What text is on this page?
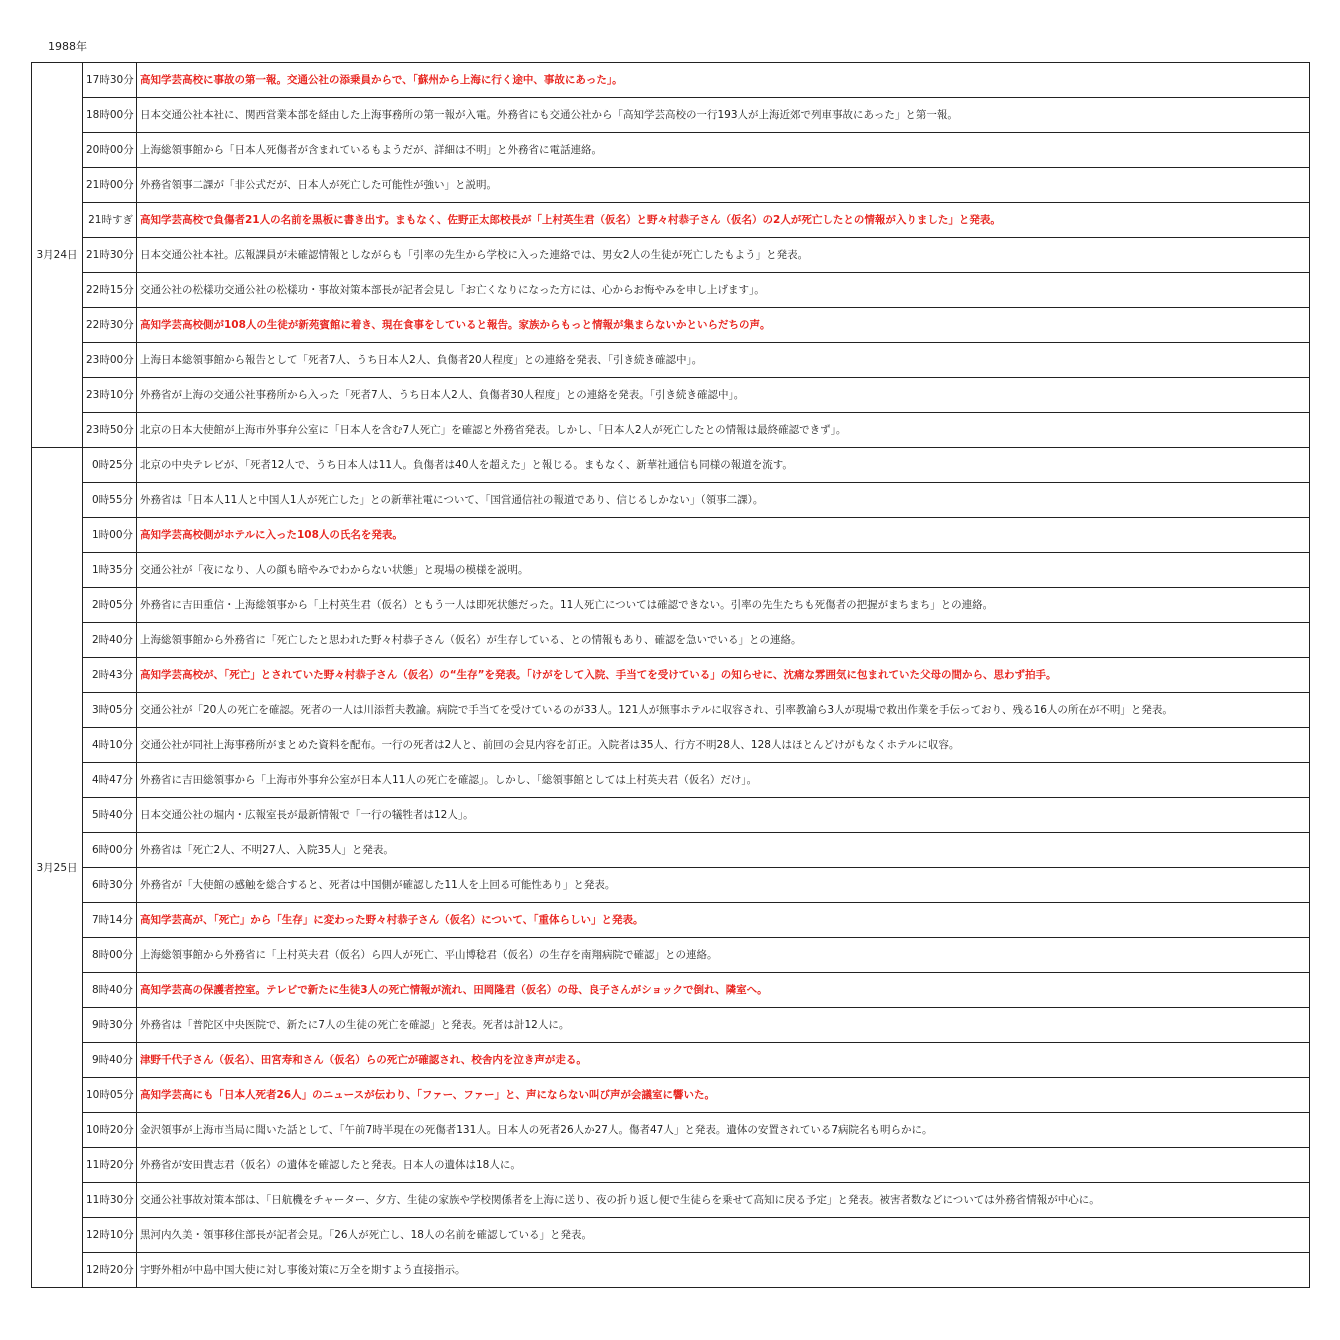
1988年
3月24日	17時30分	高知学芸高校に事故の第一報。交通公社の添乗員からで、「蘇州から上海に行く途中、事故にあった」。
	18時00分	日本交通公社本社に、関西営業本部を経由した上海事務所の第一報が入電。外務省にも交通公社から「高知学芸高校の一行193人が上海近郊で列車事故にあった」と第一報。
	20時00分	上海総領事館から「日本人死傷者が含まれているもようだが、詳細は不明」と外務省に電話連絡。
	21時00分	外務省領事二課が「非公式だが、日本人が死亡した可能性が強い」と説明。
	21時すぎ	高知学芸高校で負傷者21人の名前を黒板に書き出す。まもなく、佐野正太郎校長が「上村英生君（仮名）と野々村恭子さん（仮名）の2人が死亡したとの情報が入りました」と発表。
	21時30分	日本交通公社本社。広報課員が未確認情報としながらも「引率の先生から学校に入った連絡では、男女2人の生徒が死亡したもよう」と発表。
	22時15分	交通公社の松樣功交通公社の松樣功・事故対策本部長が記者会見し「お亡くなりになった方には、心からお悔やみを申し上げます」。
	22時30分	高知学芸高校側が108人の生徒が新苑賓館に着き、現在食事をしていると報告。家族からもっと情報が集まらないかといらだちの声。
	23時00分	上海日本総領事館から報告として「死者7人、うち日本人2人、負傷者20人程度」との連絡を発表、「引き続き確認中」。
	23時10分	外務省が上海の交通公社事務所から入った「死者7人、うち日本人2人、負傷者30人程度」との連絡を発表。「引き続き確認中」。
	23時50分	北京の日本大使館が上海市外事弁公室に「日本人を含む7人死亡」を確認と外務省発表。しかし、「日本人2人が死亡したとの情報は最終確認できず」。
3月25日	0時25分	北京の中央テレビが、「死者12人で、うち日本人は11人。負傷者は40人を超えた」と報じる。まもなく、新華社通信も同様の報道を流す。
	0時55分	外務省は「日本人11人と中国人1人が死亡した」との新華社電について、「国営通信社の報道であり、信じるしかない」（領事二課）。
	1時00分	高知学芸高校側がホテルに入った108人の氏名を発表。
	1時35分	交通公社が「夜になり、人の顔も暗やみでわからない状態」と現場の模様を説明。
	2時05分	外務省に吉田重信・上海総領事から「上村英生君（仮名）ともう一人は即死状態だった。11人死亡については確認できない。引率の先生たちも死傷者の把握がまちまち」との連絡。
	2時40分	上海総領事館から外務省に「死亡したと思われた野々村恭子さん（仮名）が生存している、との情報もあり、確認を急いでいる」との連絡。
	2時43分	高知学芸高校が、「死亡」とされていた野々村恭子さん（仮名）の“生存”を発表。「けがをして入院、手当てを受けている」の知らせに、沈痛な雰囲気に包まれていた父母の間から、思わず拍手。
	3時05分	交通公社が「20人の死亡を確認。死者の一人は川添哲夫教諭。病院で手当てを受けているのが33人。121人が無事ホテルに収容され、引率教諭ら3人が現場で救出作業を手伝っており、残る16人の所在が不明」と発表。
	4時10分	交通公社が同社上海事務所がまとめた資料を配布。一行の死者は2人と、前回の会見内容を訂正。入院者は35人、行方不明28人、128人はほとんどけがもなくホテルに収容。
	4時47分	外務省に吉田総領事から「上海市外事弁公室が日本人11人の死亡を確認」。しかし、「総領事館としては上村英夫君（仮名）だけ」。
	5時40分	日本交通公社の堀内・広報室長が最新情報で「一行の犠牲者は12人」。
	6時00分	外務省は「死亡2人、不明27人、入院35人」と発表。
	6時30分	外務省が「大使館の感触を総合すると、死者は中国側が確認した11人を上回る可能性あり」と発表。
	7時14分	高知学芸高が、「死亡」から「生存」に変わった野々村恭子さん（仮名）について、「重体らしい」と発表。
	8時00分	上海総領事館から外務省に「上村英夫君（仮名）ら四人が死亡、平山博稔君（仮名）の生存を南翔病院で確認」との連絡。
	8時40分	高知学芸高の保護者控室。テレビで新たに生徒3人の死亡情報が流れ、田岡隆君（仮名）の母、良子さんがショックで倒れ、隣室へ。
	9時30分	外務省は「普陀区中央医院で、新たに7人の生徒の死亡を確認」と発表。死者は計12人に。
	9時40分	津野千代子さん（仮名）、田宮寿和さん（仮名）らの死亡が確認され、校舎内を泣き声が走る。
	10時05分	高知学芸高にも「日本人死者26人」のニュースが伝わり、「ファー、ファー」と、声にならない叫び声が会議室に響いた。
	10時20分	金沢領事が上海市当局に聞いた話として、「午前7時半現在の死傷者131人。日本人の死者26人か27人。傷者47人」と発表。遺体の安置されている7病院名も明らかに。
	11時20分	外務省が安田貴志君（仮名）の遺体を確認したと発表。日本人の遺体は18人に。
	11時30分	交通公社事故対策本部は、「日航機をチャーター、夕方、生徒の家族や学校関係者を上海に送り、夜の折り返し便で生徒らを乗せて高知に戻る予定」と発表。被害者数などについては外務省情報が中心に。
	12時10分	黒河内久美・領事移住部長が記者会見。「26人が死亡し、18人の名前を確認している」と発表。
	12時20分	宇野外相が中島中国大使に対し事後対策に万全を期すよう直接指示。
